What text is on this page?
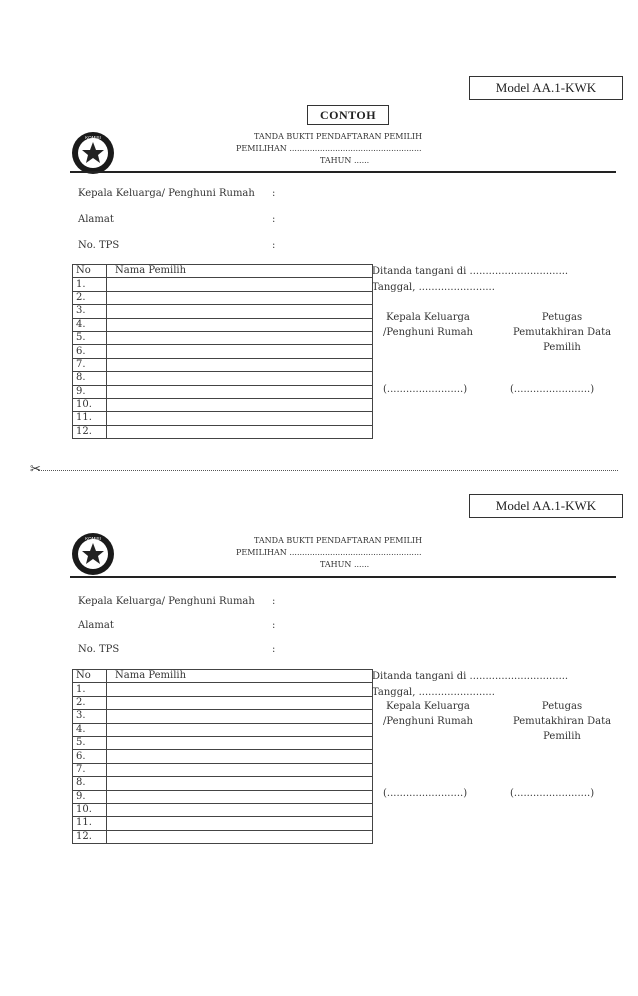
Model AA.1-KWK
CONTOH
KOMISI	TANDA BUKTI PENDAFTARAN PEMILIH
PEMILIHAN ....................................................
TAHUN ......
Kepala Keluarga/ Penghuni Rumah :
Alamat	:
No. TPS	:
No	Nama Pemilih
1.	
2.	
3.	
4.	
5.	
6.	
7.	
8.	
9.	
10.	
11.	
12.	
Ditanda tangani di ...............................
Tanggal, ........................
Kepala Keluarga
/Penghuni Rumah
Petugas
Pemutakhiran Data
Pemilih
(........................)	(........................)
✂
Model AA.1-KWK
KOMISI	TANDA BUKTI PENDAFTARAN PEMILIH
PEMILIHAN ....................................................
TAHUN ......
Kepala Keluarga/ Penghuni Rumah :
Alamat	:
No. TPS	:
No	Nama Pemilih
1.	
2.	
3.	
4.	
5.	
6.	
7.	
8.	
9.	
10.	
11.	
12.	
Ditanda tangani di ...............................
Tanggal, ........................
Kepala Keluarga
/Penghuni Rumah
Petugas
Pemutakhiran Data
Pemilih
(........................)	(........................)
